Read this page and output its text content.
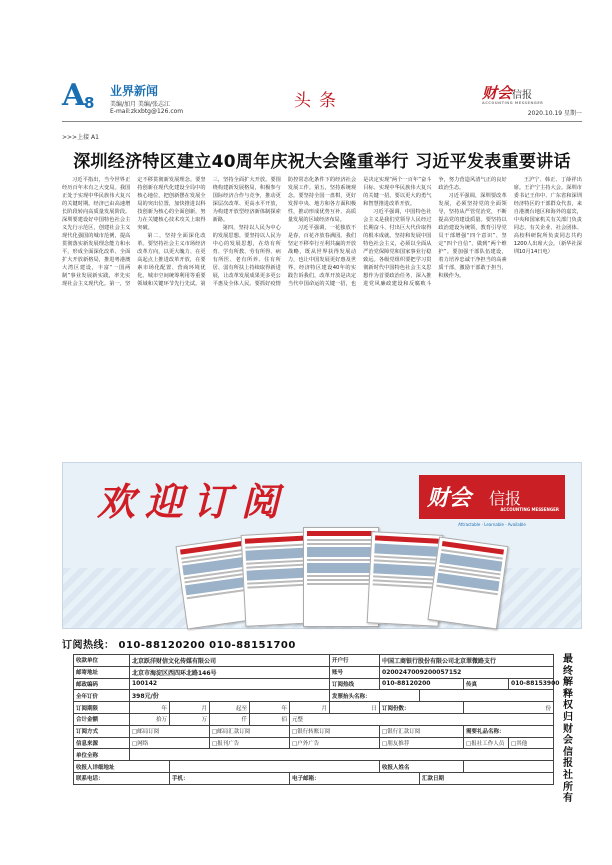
A
8
业界新闻
美编/加月 美编/张志江
E-mail:zkxbtg@126.com
头条	财会信报
ACCOUNTING MESSENGER
2020.10.19 星期一
>>>上接 A1
深圳经济特区建立40周年庆祝大会隆重举行 习近平发表重要讲话

习近平指出，当今世界正经历百年未有之大变局。我国正处于实现中华民族伟大复兴的关键时期。经济已由高速增长阶段转向高质量发展阶段。深圳要建设好中国特色社会主义先行示范区，创建社会主义现代化强国的城市范例，提高贯彻落实新发展理念能力和水平，形成全面深化改革、全面扩大开放新格局，推进粤港澳大湾区建设，丰富“一国两制”事业发展新实践，率先实现社会主义现代化。第一，坚定不移贯彻新发展理念。要坚持创新在现代化建设全局中的核心地位，把创新摆在发展全局的突出位置，加快推进以科技创新为核心的全面创新，努力在关键核心技术攻关上取得突破。

第二，坚持全面深化改革。要坚持社会主义市场经济改革方向，以更大魄力、在更高起点上推进改革开放，在要素市场化配置、营商环境优化、城市空间统筹利用等重要领域和关键环节先行先试。第三，坚持全面扩大开放。要围绕构建新发展格局，积极参与国际经济合作与竞争，推动更深层次改革、更高水平开放，为构建开放型经济新体制探索新路。

第四，坚持以人民为中心的发展思想。要坚持以人民为中心的发展思想，在幼有所育、学有所教、劳有所得、病有所医、老有所养、住有所居、弱有所扶上持续取得新进展，让改革发展成果更多更公平惠及全体人民。要抓好疫情防控常态化条件下的经济社会发展工作。第五，坚持系统观念。要坚持全国一盘棋，更好发挥中央、地方和各方面积极性，推动形成优势互补、高质量发展的区域经济布局。

习近平强调，一花独放不是春，百花齐放春满园。我们坚定不移奉行互利共赢的开放战略，既从世界获得发展动力，也让中国发展更好惠及世界。经济特区建设40年的实践告诉我们，改革开放是决定当代中国命运的关键一招，也是决定实现“两个一百年”奋斗目标、实现中华民族伟大复兴的关键一招。要以更大的勇气和智慧推进改革开放。

习近平强调，中国特色社会主义是我们党领导人民经过长期奋斗、付出巨大代价取得的根本成就。坚持和发展中国特色社会主义，必须以全面从严治党保障党和国家事业行稳致远。各级党组织要把学习贯彻新时代中国特色社会主义思想作为首要政治任务，深入推进党风廉政建设和反腐败斗争，努力营造风清气正的良好政治生态。

习近平强调，深圳要改革发展，必须坚持党的全面领导，坚持从严管党治党，不断提高党的建设质量。要坚持以政治建设为统领，教育引导党员干部增强“四个意识”、坚定“四个自信”、做到“两个维护”。要加强干部队伍建设，着力培养忠诚干净担当的高素质干部，激励干部敢于担当、积极作为。

王沪宁、韩正、丁薛祥出席。王沪宁主持大会。深圳市委书记王伟中、广东省和深圳经济特区的干部群众代表，来自港澳台地区和海外的嘉宾，中央和国家机关有关部门负责同志，有关企业、社会团体、高校科研院所负责同志共约1200人出席大会。（新华社深圳10月14日电）

欢迎订阅	财会 信报
ACCOUNTING MESSENGER
Attractable · Learnable · Available
订阅热线： 010-88120200 010-88151700
收款单位	北京跃洋财信文化传媒有限公司					开户行	中国工商银行股份有限公司北京翠微路支行			
邮寄地址	北京市海淀区西四环北路146号					账号	0200247009200057152			
邮政编码	100142					订阅热线	010-88120200		传真	010-88153900
全年订价	398元/份					发票抬头名称：				
订阅期限	年	月	起至	年	月	日	订阅份数：		份	
合计金额	拾万	万	仟	佰	元整					
订阅方式	□邮局订阅		□邮局汇款订阅		□银行转账订阅		□银行汇款订阅		需要礼品名称：	
信息来源	□网络		□报刊广告		□户外广告		□朋友推荐		□报社工作人员	□其他
单位全称										
收报人详细地址							收报人姓名			
联系电话：		手机：			电子邮箱：			汇款日期		
最终解释权归财会信报社所有
